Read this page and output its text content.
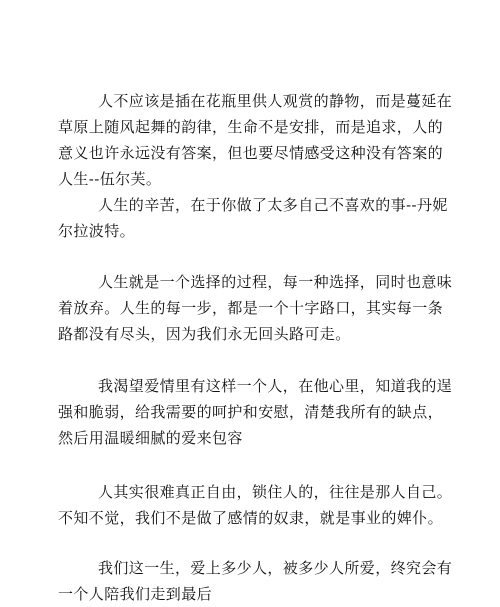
人不应该是插在花瓶里供人观赏的静物，而是蔓延在草原上随风起舞的韵律，生命不是安排，而是追求，人的意义也许永远没有答案，但也要尽情感受这种没有答案的人生--伍尔芙。

人生的辛苦，在于你做了太多自己不喜欢的事--丹妮尔拉波特。

人生就是一个选择的过程，每一种选择，同时也意味着放弃。人生的每一步，都是一个十字路口，其实每一条路都没有尽头，因为我们永无回头路可走。

我渴望爱情里有这样一个人，在他心里，知道我的逞强和脆弱，给我需要的呵护和安慰，清楚我所有的缺点，然后用温暖细腻的爱来包容

人其实很难真正自由，锁住人的，往往是那人自己。不知不觉，我们不是做了感情的奴隶，就是事业的婢仆。

我们这一生，爱上多少人，被多少人所爱，终究会有一个人陪我们走到最后
